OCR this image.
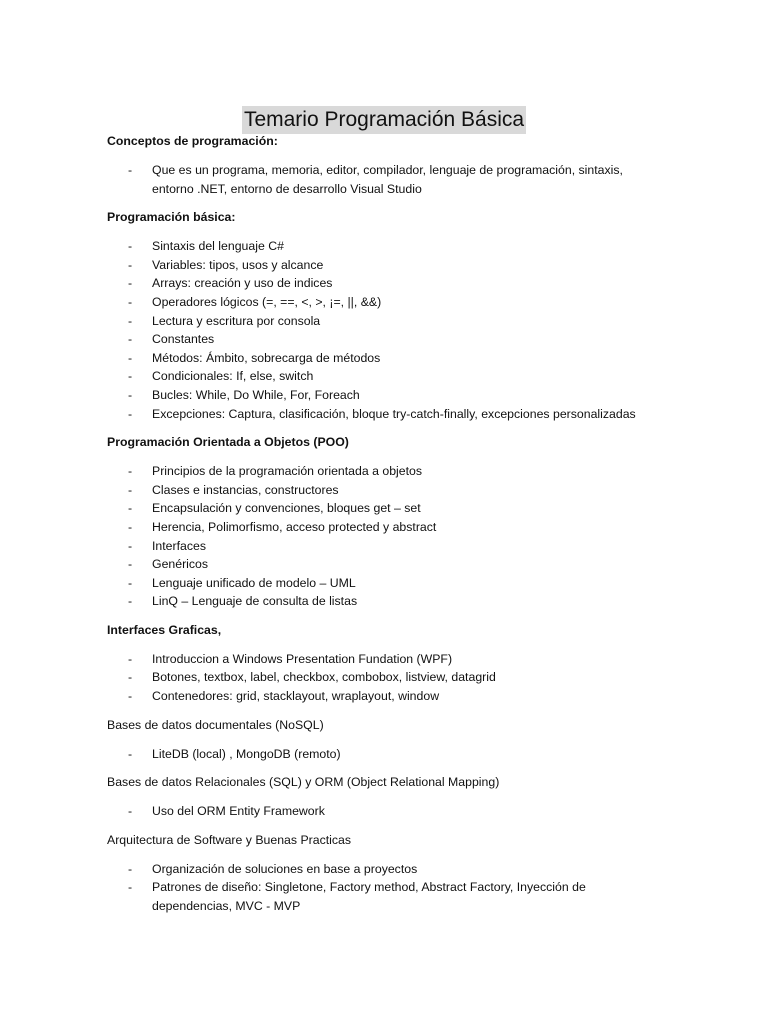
Temario Programación Básica

Conceptos de programación:

- Que es un programa, memoria, editor, compilador, lenguaje de programación, sintaxis, entorno .NET, entorno de desarrollo Visual Studio

Programación básica:

- Sintaxis del lenguaje C#
- Variables: tipos, usos y alcance
- Arrays: creación y uso de indices
- Operadores lógicos (=, ==, <, >, ¡=, ||, &&)
- Lectura y escritura por consola
- Constantes
- Métodos: Ámbito, sobrecarga de métodos
- Condicionales: If, else, switch
- Bucles: While, Do While, For, Foreach
- Excepciones: Captura, clasificación, bloque try-catch-finally, excepciones personalizadas

Programación Orientada a Objetos (POO)

- Principios de la programación orientada a objetos
- Clases e instancias, constructores
- Encapsulación y convenciones, bloques get – set
- Herencia, Polimorfismo, acceso protected y abstract
- Interfaces
- Genéricos
- Lenguaje unificado de modelo – UML
- LinQ – Lenguaje de consulta de listas

Interfaces Graficas,

- Introduccion a Windows Presentation Fundation (WPF)
- Botones, textbox, label, checkbox, combobox, listview, datagrid
- Contenedores: grid, stacklayout, wraplayout, window

Bases de datos documentales (NoSQL)

- LiteDB (local) , MongoDB (remoto)

Bases de datos Relacionales (SQL) y ORM (Object Relational Mapping)

- Uso del ORM Entity Framework

Arquitectura de Software y Buenas Practicas

- Organización de soluciones en base a proyectos
- Patrones de diseño: Singletone, Factory method, Abstract Factory, Inyección de dependencias, MVC - MVP
